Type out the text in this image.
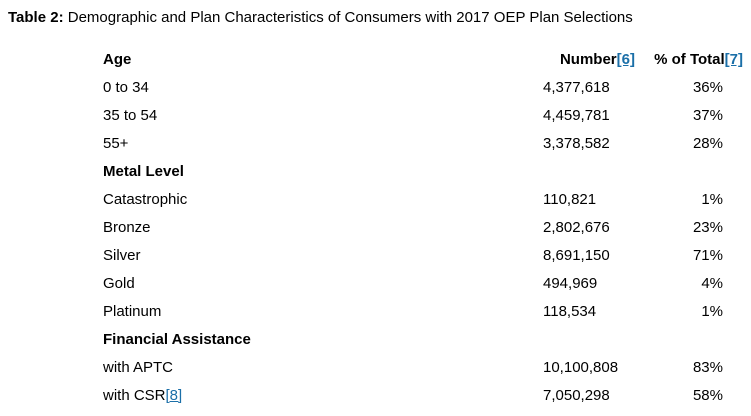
Table 2: Demographic and Plan Characteristics of Consumers with 2017 OEP Plan Selections
Age	Number[6]	% of Total[7]
0 to 34	4,377,618	36%
35 to 54	4,459,781	37%
55+	3,378,582	28%
Metal Level
Catastrophic	110,821	1%
Bronze	2,802,676	23%
Silver	8,691,150	71%
Gold	494,969	4%
Platinum	118,534	1%
Financial Assistance
with APTC	10,100,808	83%
with CSR[8]	7,050,298	58%
